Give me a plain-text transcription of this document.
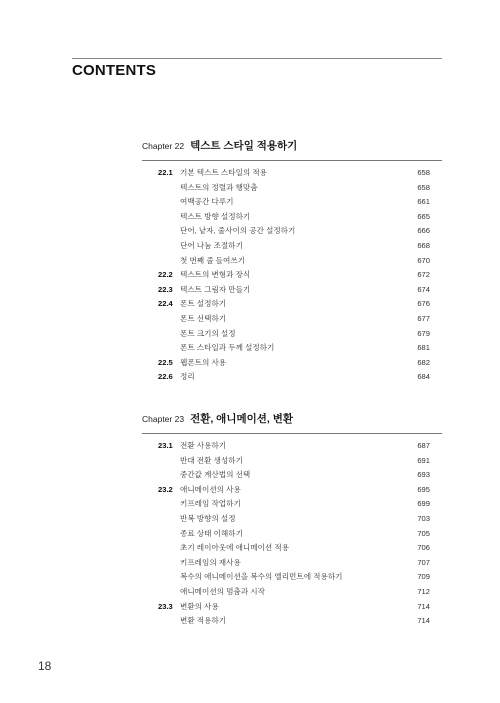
CONTENTS
Chapter 22 텍스트 스타일 적용하기
22.1 기본 텍스트 스타일의 적용	658
텍스트의 정렬과 행맞춤	658
여백공간 다루기	661
텍스트 방향 설정하기	665
단어, 낱자, 줄사이의 공간 설정하기	666
단어 나눔 조절하기	668
첫 번째 줄 들여쓰기	670
22.2 텍스트의 변형과 장식	672
22.3 텍스트 그림자 만들기	674
22.4 폰트 설정하기	676
폰트 선택하기	677
폰트 크기의 설정	679
폰트 스타일과 두께 설정하기	681
22.5 웹폰트의 사용	682
22.6 정리	684
Chapter 23 전환, 애니메이션, 변환
23.1 전환 사용하기	687
반대 전환 생성하기	691
중간값 계산법의 선택	693
23.2 애니메이션의 사용	695
키프레임 작업하기	699
반복 방향의 설정	703
종료 상태 이해하기	705
초기 레이아웃에 애니메이션 적용	706
키프레임의 재사용	707
복수의 애니메이션을 복수의 엘리먼트에 적용하기	709
애니메이션의 멈춤과 시작	712
23.3 변환의 사용	714
변환 적용하기	714
18
